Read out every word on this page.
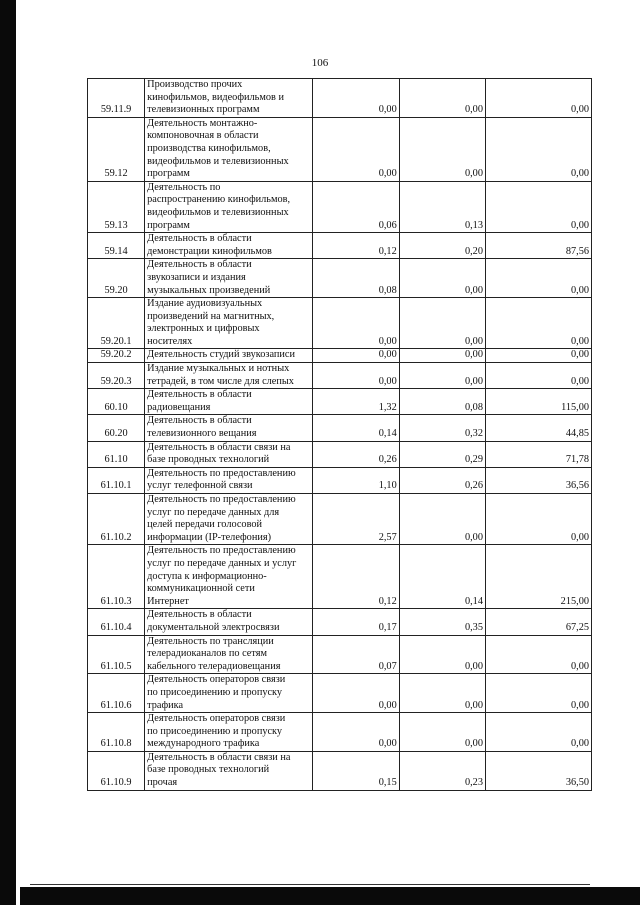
106
59.11.9	Производство прочих
кинофильмов, видеофильмов и
телевизионных программ	0,00	0,00	0,00
59.12	Деятельность монтажно-
компоновочная в области
производства кинофильмов,
видеофильмов и телевизионных
программ	0,00	0,00	0,00
59.13	Деятельность по
распространению кинофильмов,
видеофильмов и телевизионных
программ	0,06	0,13	0,00
59.14	Деятельность в области
демонстрации кинофильмов	0,12	0,20	87,56
59.20	Деятельность в области
звукозаписи и издания
музыкальных произведений	0,08	0,00	0,00
59.20.1	Издание аудиовизуальных
произведений на магнитных,
электронных и цифровых
носителях	0,00	0,00	0,00
59.20.2	Деятельность студий звукозаписи	0,00	0,00	0,00
59.20.3	Издание музыкальных и нотных
тетрадей, в том числе для слепых	0,00	0,00	0,00
60.10	Деятельность в области
радиовещания	1,32	0,08	115,00
60.20	Деятельность в области
телевизионного вещания	0,14	0,32	44,85
61.10	Деятельность в области связи на
базе проводных технологий	0,26	0,29	71,78
61.10.1	Деятельность по предоставлению
услуг телефонной связи	1,10	0,26	36,56
61.10.2	Деятельность по предоставлению
услуг по передаче данных для
целей передачи голосовой
информации (IP-телефония)	2,57	0,00	0,00
61.10.3	Деятельность по предоставлению
услуг по передаче данных и услуг
доступа к информационно-
коммуникационной сети
Интернет	0,12	0,14	215,00
61.10.4	Деятельность в области
документальной электросвязи	0,17	0,35	67,25
61.10.5	Деятельность по трансляции
телерадиоканалов по сетям
кабельного телерадиовещания	0,07	0,00	0,00
61.10.6	Деятельность операторов связи
по присоединению и пропуску
трафика	0,00	0,00	0,00
61.10.8	Деятельность операторов связи
по присоединению и пропуску
международного трафика	0,00	0,00	0,00
61.10.9	Деятельность в области связи на
базе проводных технологий
прочая	0,15	0,23	36,50
